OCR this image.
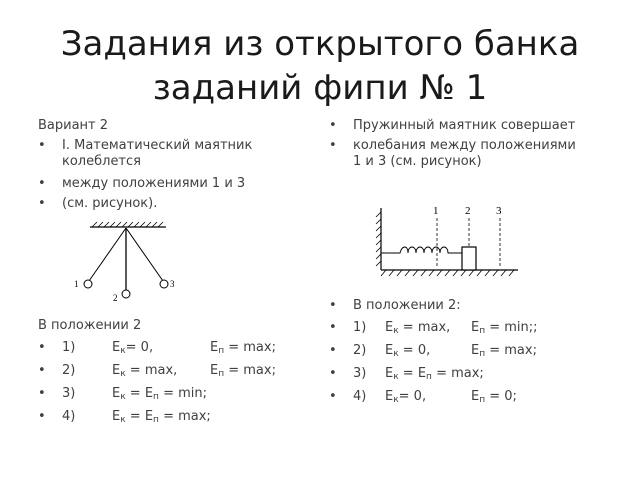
Задания из открытого банка
заданий фипи № 1
Вариант 2
• I. Математический маятник
колеблется
• между положениями 1 и 3
• (см. рисунок).
В положении 2
• 1)	$E_к= 0$,	$E_п = \max$;
• 2)	$E_к = \max$,	$E_п = \max$;
• 3)	$E_к = E_п = \min$;
• 4)	$E_к = E_п = \max$;
1
2
3
• Пружинный маятник совершает
• колебания между положениями
1 и 3 (см. рисунок)
• В положении 2:
• 1) $E_к = \max$, $E_п = \min$;;
• 2) $E_к = 0$,	$E_п = \max$;
• 3) $E_к = E_п = \max$;
• 4) $E_к= 0$,	$E_п = 0$;
1 2 3
